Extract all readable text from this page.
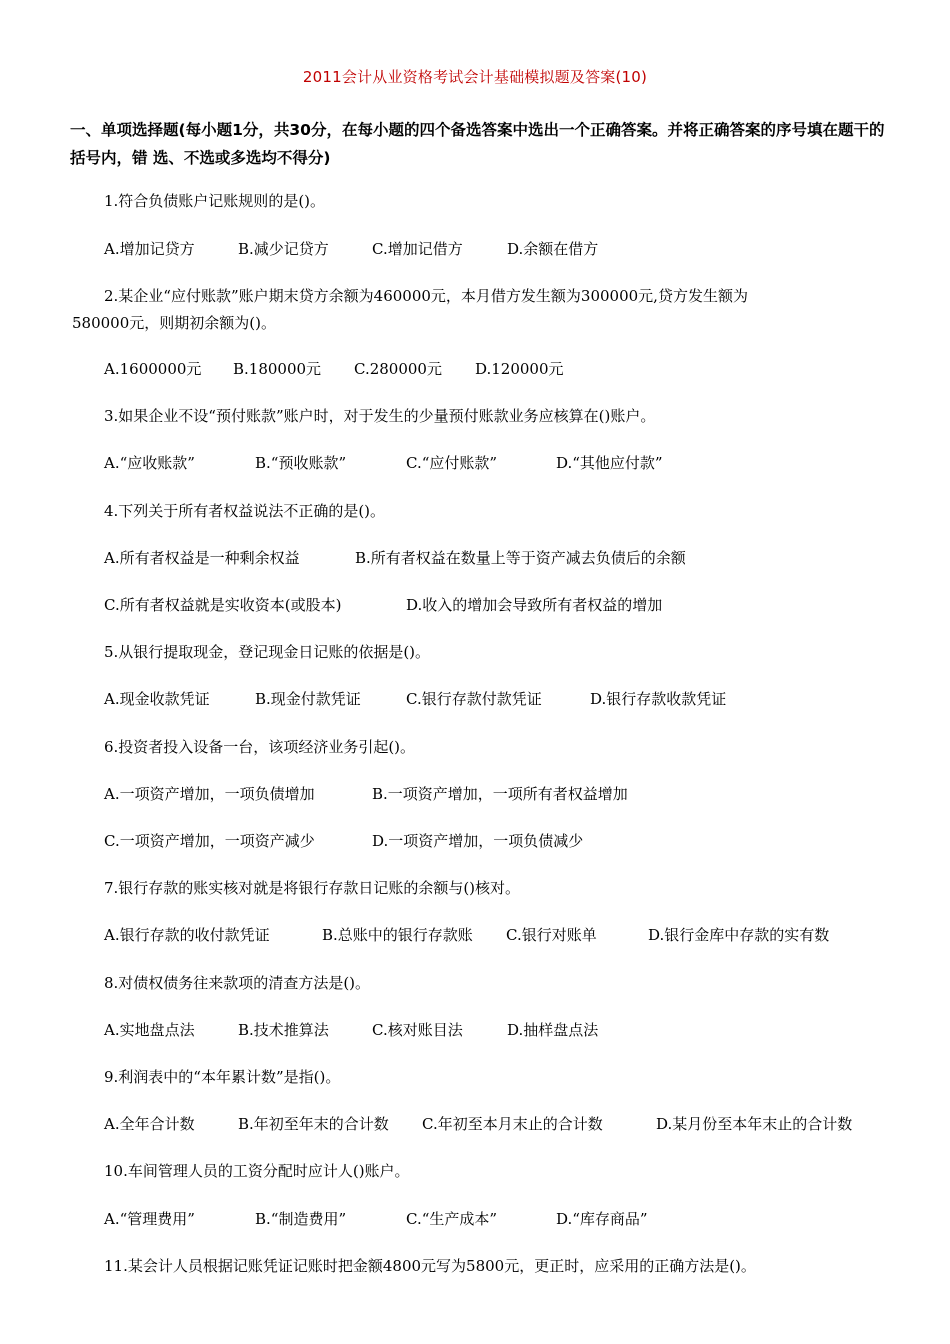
2011会计从业资格考试会计基础模拟题及答案(10)
一、单项选择题(每小题1分，共30分，在每小题的四个备选答案中选出一个正确答案。并将正确答案的序号填在题干的括号内，错 选、不选或多选均不得分)
1.符合负债账户记账规则的是()。
A.增加记贷方	B.减少记贷方	C.增加记借方	D.余额在借方
2.某企业“应付账款”账户期末贷方余额为460000元，本月借方发生额为300000元,贷方发生额为
580000元，则期初余额为()。
A.1600000元 B.180000元 C.280000元 D.120000元
3.如果企业不设“预付账款”账户时，对于发生的少量预付账款业务应核算在()账户。
A.“应收账款”	B.“预收账款”	C.“应付账款”	D.“其他应付款”
4.下列关于所有者权益说法不正确的是()。
A.所有者权益是一种剩余权益	B.所有者权益在数量上等于资产减去负债后的余额
C.所有者权益就是实收资本(或股本)	D.收入的增加会导致所有者权益的增加
5.从银行提取现金，登记现金日记账的依据是()。
A.现金收款凭证	B.现金付款凭证	C.银行存款付款凭证	D.银行存款收款凭证
6.投资者投入设备一台，该项经济业务引起()。
A.一项资产增加，一项负债增加	B.一项资产增加，一项所有者权益增加
C.一项资产增加，一项资产减少	D.一项资产增加，一项负债减少
7.银行存款的账实核对就是将银行存款日记账的余额与()核对。
A.银行存款的收付款凭证	B.总账中的银行存款账 C.银行对账单	D.银行金库中存款的实有数
8.对债权债务往来款项的清查方法是()。
A.实地盘点法	B.技术推算法	C.核对账目法	D.抽样盘点法
9.利润表中的“本年累计数”是指()。
A.全年合计数	B.年初至年末的合计数 C.年初至本月末止的合计数	D.某月份至本年末止的合计数
10.车间管理人员的工资分配时应计人()账户。
A.“管理费用”	B.“制造费用”	C.“生产成本”	D.“库存商品”
11.某会计人员根据记账凭证记账时把金额4800元写为5800元，更正时，应采用的正确方法是()。
